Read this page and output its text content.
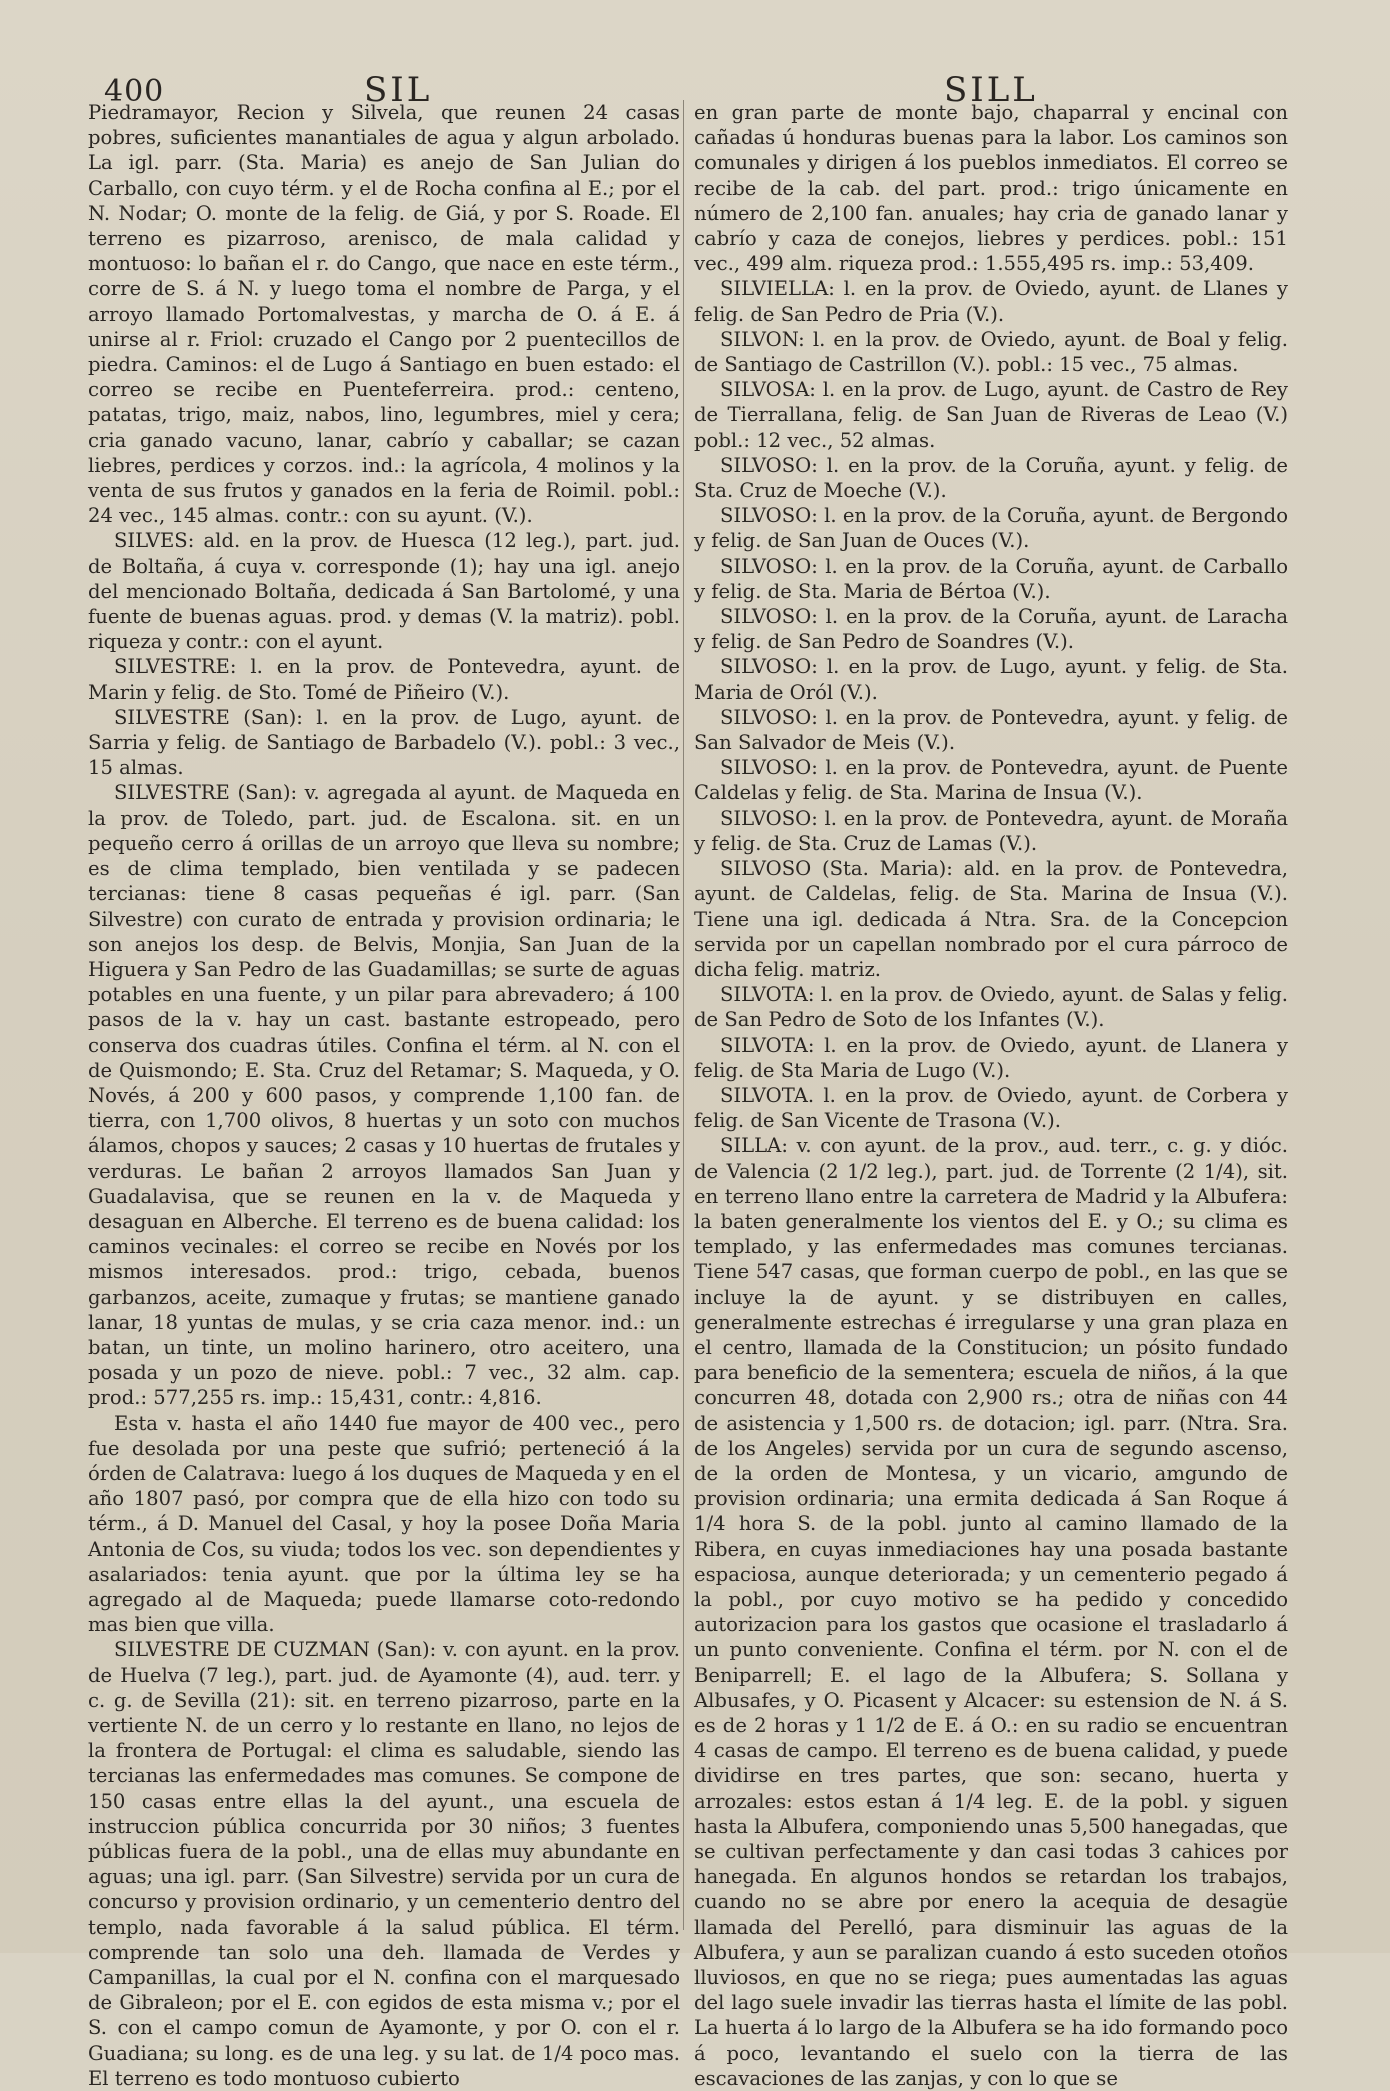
400	SIL	SILL

Piedramayor, Recion y Silvela, que reunen 24 casas pobres, suficientes manantiales de agua y algun arbolado. La igl. parr. (Sta. Maria) es anejo de San Julian do Carballo, con cuyo térm. y el de Rocha confina al E.; por el N. Nodar; O. monte de la felig. de Giá, y por S. Roade. El terreno es pizarroso, arenisco, de mala calidad y montuoso: lo bañan el r. do Cango, que nace en este térm., corre de S. á N. y luego toma el nombre de Parga, y el arroyo llamado Portomalvestas, y marcha de O. á E. á unirse al r. Friol: cruzado el Cango por 2 puentecillos de piedra. Caminos: el de Lugo á Santiago en buen estado: el correo se recibe en Puenteferreira. prod.: centeno, patatas, trigo, maiz, nabos, lino, legumbres, miel y cera; cria ganado vacuno, lanar, cabrío y caballar; se cazan liebres, perdices y corzos. ind.: la agrícola, 4 molinos y la venta de sus frutos y ganados en la feria de Roimil. pobl.: 24 vec., 145 almas. contr.: con su ayunt. (V.).

SILVES: ald. en la prov. de Huesca (12 leg.), part. jud. de Boltaña, á cuya v. corresponde (1); hay una igl. anejo del mencionado Boltaña, dedicada á San Bartolomé, y una fuente de buenas aguas. prod. y demas (V. la matriz). pobl. riqueza y contr.: con el ayunt.

SILVESTRE: l. en la prov. de Pontevedra, ayunt. de Marin y felig. de Sto. Tomé de Piñeiro (V.).

SILVESTRE (San): l. en la prov. de Lugo, ayunt. de Sarria y felig. de Santiago de Barbadelo (V.). pobl.: 3 vec., 15 almas.

SILVESTRE (San): v. agregada al ayunt. de Maqueda en la prov. de Toledo, part. jud. de Escalona. sit. en un pequeño cerro á orillas de un arroyo que lleva su nombre; es de clima templado, bien ventilada y se padecen tercianas: tiene 8 casas pequeñas é igl. parr. (San Silvestre) con curato de entrada y provision ordinaria; le son anejos los desp. de Belvis, Monjia, San Juan de la Higuera y San Pedro de las Guadamillas; se surte de aguas potables en una fuente, y un pilar para abrevadero; á 100 pasos de la v. hay un cast. bastante estropeado, pero conserva dos cuadras útiles. Confina el térm. al N. con el de Quismondo; E. Sta. Cruz del Retamar; S. Maqueda, y O. Novés, á 200 y 600 pasos, y comprende 1,100 fan. de tierra, con 1,700 olivos, 8 huertas y un soto con muchos álamos, chopos y sauces; 2 casas y 10 huertas de frutales y verduras. Le bañan 2 arroyos llamados San Juan y Guadalavisa, que se reunen en la v. de Maqueda y desaguan en Alberche. El terreno es de buena calidad: los caminos vecinales: el correo se recibe en Novés por los mismos interesados. prod.: trigo, cebada, buenos garbanzos, aceite, zumaque y frutas; se mantiene ganado lanar, 18 yuntas de mulas, y se cria caza menor. ind.: un batan, un tinte, un molino harinero, otro aceitero, una posada y un pozo de nieve. pobl.: 7 vec., 32 alm. cap. prod.: 577,255 rs. imp.: 15,431, contr.: 4,816.

Esta v. hasta el año 1440 fue mayor de 400 vec., pero fue desolada por una peste que sufrió; perteneció á la órden de Calatrava: luego á los duques de Maqueda y en el año 1807 pasó, por compra que de ella hizo con todo su térm., á D. Manuel del Casal, y hoy la posee Doña Maria Antonia de Cos, su viuda; todos los vec. son dependientes y asalariados: tenia ayunt. que por la última ley se ha agregado al de Maqueda; puede llamarse coto-redondo mas bien que villa.

SILVESTRE DE CUZMAN (San): v. con ayunt. en la prov. de Huelva (7 leg.), part. jud. de Ayamonte (4), aud. terr. y c. g. de Sevilla (21): sit. en terreno pizarroso, parte en la vertiente N. de un cerro y lo restante en llano, no lejos de la frontera de Portugal: el clima es saludable, siendo las tercianas las enfermedades mas comunes. Se compone de 150 casas entre ellas la del ayunt., una escuela de instruccion pública concurrida por 30 niños; 3 fuentes públicas fuera de la pobl., una de ellas muy abundante en aguas; una igl. parr. (San Silvestre) servida por un cura de concurso y provision ordinario, y un cementerio dentro del templo, nada favorable á la salud pública. El térm. comprende tan solo una deh. llamada de Verdes y Campanillas, la cual por el N. confina con el marquesado de Gibraleon; por el E. con egidos de esta misma v.; por el S. con el campo comun de Ayamonte, y por O. con el r. Guadiana; su long. es de una leg. y su lat. de 1/4 poco mas. El terreno es todo montuoso cubierto

en gran parte de monte bajo, chaparral y encinal con cañadas ú honduras buenas para la labor. Los caminos son comunales y dirigen á los pueblos inmediatos. El correo se recibe de la cab. del part. prod.: trigo únicamente en número de 2,100 fan. anuales; hay cria de ganado lanar y cabrío y caza de conejos, liebres y perdices. pobl.: 151 vec., 499 alm. riqueza prod.: 1.555,495 rs. imp.: 53,409.

SILVIELLA: l. en la prov. de Oviedo, ayunt. de Llanes y felig. de San Pedro de Pria (V.).

SILVON: l. en la prov. de Oviedo, ayunt. de Boal y felig. de Santiago de Castrillon (V.). pobl.: 15 vec., 75 almas.

SILVOSA: l. en la prov. de Lugo, ayunt. de Castro de Rey de Tierrallana, felig. de San Juan de Riveras de Leao (V.) pobl.: 12 vec., 52 almas.

SILVOSO: l. en la prov. de la Coruña, ayunt. y felig. de Sta. Cruz de Moeche (V.).

SILVOSO: l. en la prov. de la Coruña, ayunt. de Bergondo y felig. de San Juan de Ouces (V.).

SILVOSO: l. en la prov. de la Coruña, ayunt. de Carballo y felig. de Sta. Maria de Bértoa (V.).

SILVOSO: l. en la prov. de la Coruña, ayunt. de Laracha y felig. de San Pedro de Soandres (V.).

SILVOSO: l. en la prov. de Lugo, ayunt. y felig. de Sta. Maria de Oról (V.).

SILVOSO: l. en la prov. de Pontevedra, ayunt. y felig. de San Salvador de Meis (V.).

SILVOSO: l. en la prov. de Pontevedra, ayunt. de Puente Caldelas y felig. de Sta. Marina de Insua (V.).

SILVOSO: l. en la prov. de Pontevedra, ayunt. de Moraña y felig. de Sta. Cruz de Lamas (V.).

SILVOSO (Sta. Maria): ald. en la prov. de Pontevedra, ayunt. de Caldelas, felig. de Sta. Marina de Insua (V.). Tiene una igl. dedicada á Ntra. Sra. de la Concepcion servida por un capellan nombrado por el cura párroco de dicha felig. matriz.

SILVOTA: l. en la prov. de Oviedo, ayunt. de Salas y felig. de San Pedro de Soto de los Infantes (V.).

SILVOTA: l. en la prov. de Oviedo, ayunt. de Llanera y felig. de Sta Maria de Lugo (V.).

SILVOTA. l. en la prov. de Oviedo, ayunt. de Corbera y felig. de San Vicente de Trasona (V.).

SILLA: v. con ayunt. de la prov., aud. terr., c. g. y dióc. de Valencia (2 1/2 leg.), part. jud. de Torrente (2 1/4), sit. en terreno llano entre la carretera de Madrid y la Albufera: la baten generalmente los vientos del E. y O.; su clima es templado, y las enfermedades mas comunes tercianas. Tiene 547 casas, que forman cuerpo de pobl., en las que se incluye la de ayunt. y se distribuyen en calles, generalmente estrechas é irregularse y una gran plaza en el centro, llamada de la Constitucion; un pósito fundado para beneficio de la sementera; escuela de niños, á la que concurren 48, dotada con 2,900 rs.; otra de niñas con 44 de asistencia y 1,500 rs. de dotacion; igl. parr. (Ntra. Sra. de los Angeles) servida por un cura de segundo ascenso, de la orden de Montesa, y un vicario, amgundo de provision ordinaria; una ermita dedicada á San Roque á 1/4 hora S. de la pobl. junto al camino llamado de la Ribera, en cuyas inmediaciones hay una posada bastante espaciosa, aunque deteriorada; y un cementerio pegado á la pobl., por cuyo motivo se ha pedido y concedido autorizacion para los gastos que ocasione el trasladarlo á un punto conveniente. Confina el térm. por N. con el de Beniparrell; E. el lago de la Albufera; S. Sollana y Albusafes, y O. Picasent y Alcacer: su estension de N. á S. es de 2 horas y 1 1/2 de E. á O.: en su radio se encuentran 4 casas de campo. El terreno es de buena calidad, y puede dividirse en tres partes, que son: secano, huerta y arrozales: estos estan á 1/4 leg. E. de la pobl. y siguen hasta la Albufera, componiendo unas 5,500 hanegadas, que se cultivan perfectamente y dan casi todas 3 cahices por hanegada. En algunos hondos se retardan los trabajos, cuando no se abre por enero la acequia de desagüe llamada del Perelló, para disminuir las aguas de la Albufera, y aun se paralizan cuando á esto suceden otoños lluviosos, en que no se riega; pues aumentadas las aguas del lago suele invadir las tierras hasta el límite de las pobl. La huerta á lo largo de la Albufera se ha ido formando poco á poco, levantando el suelo con la tierra de las escavaciones de las zanjas, y con lo que se
